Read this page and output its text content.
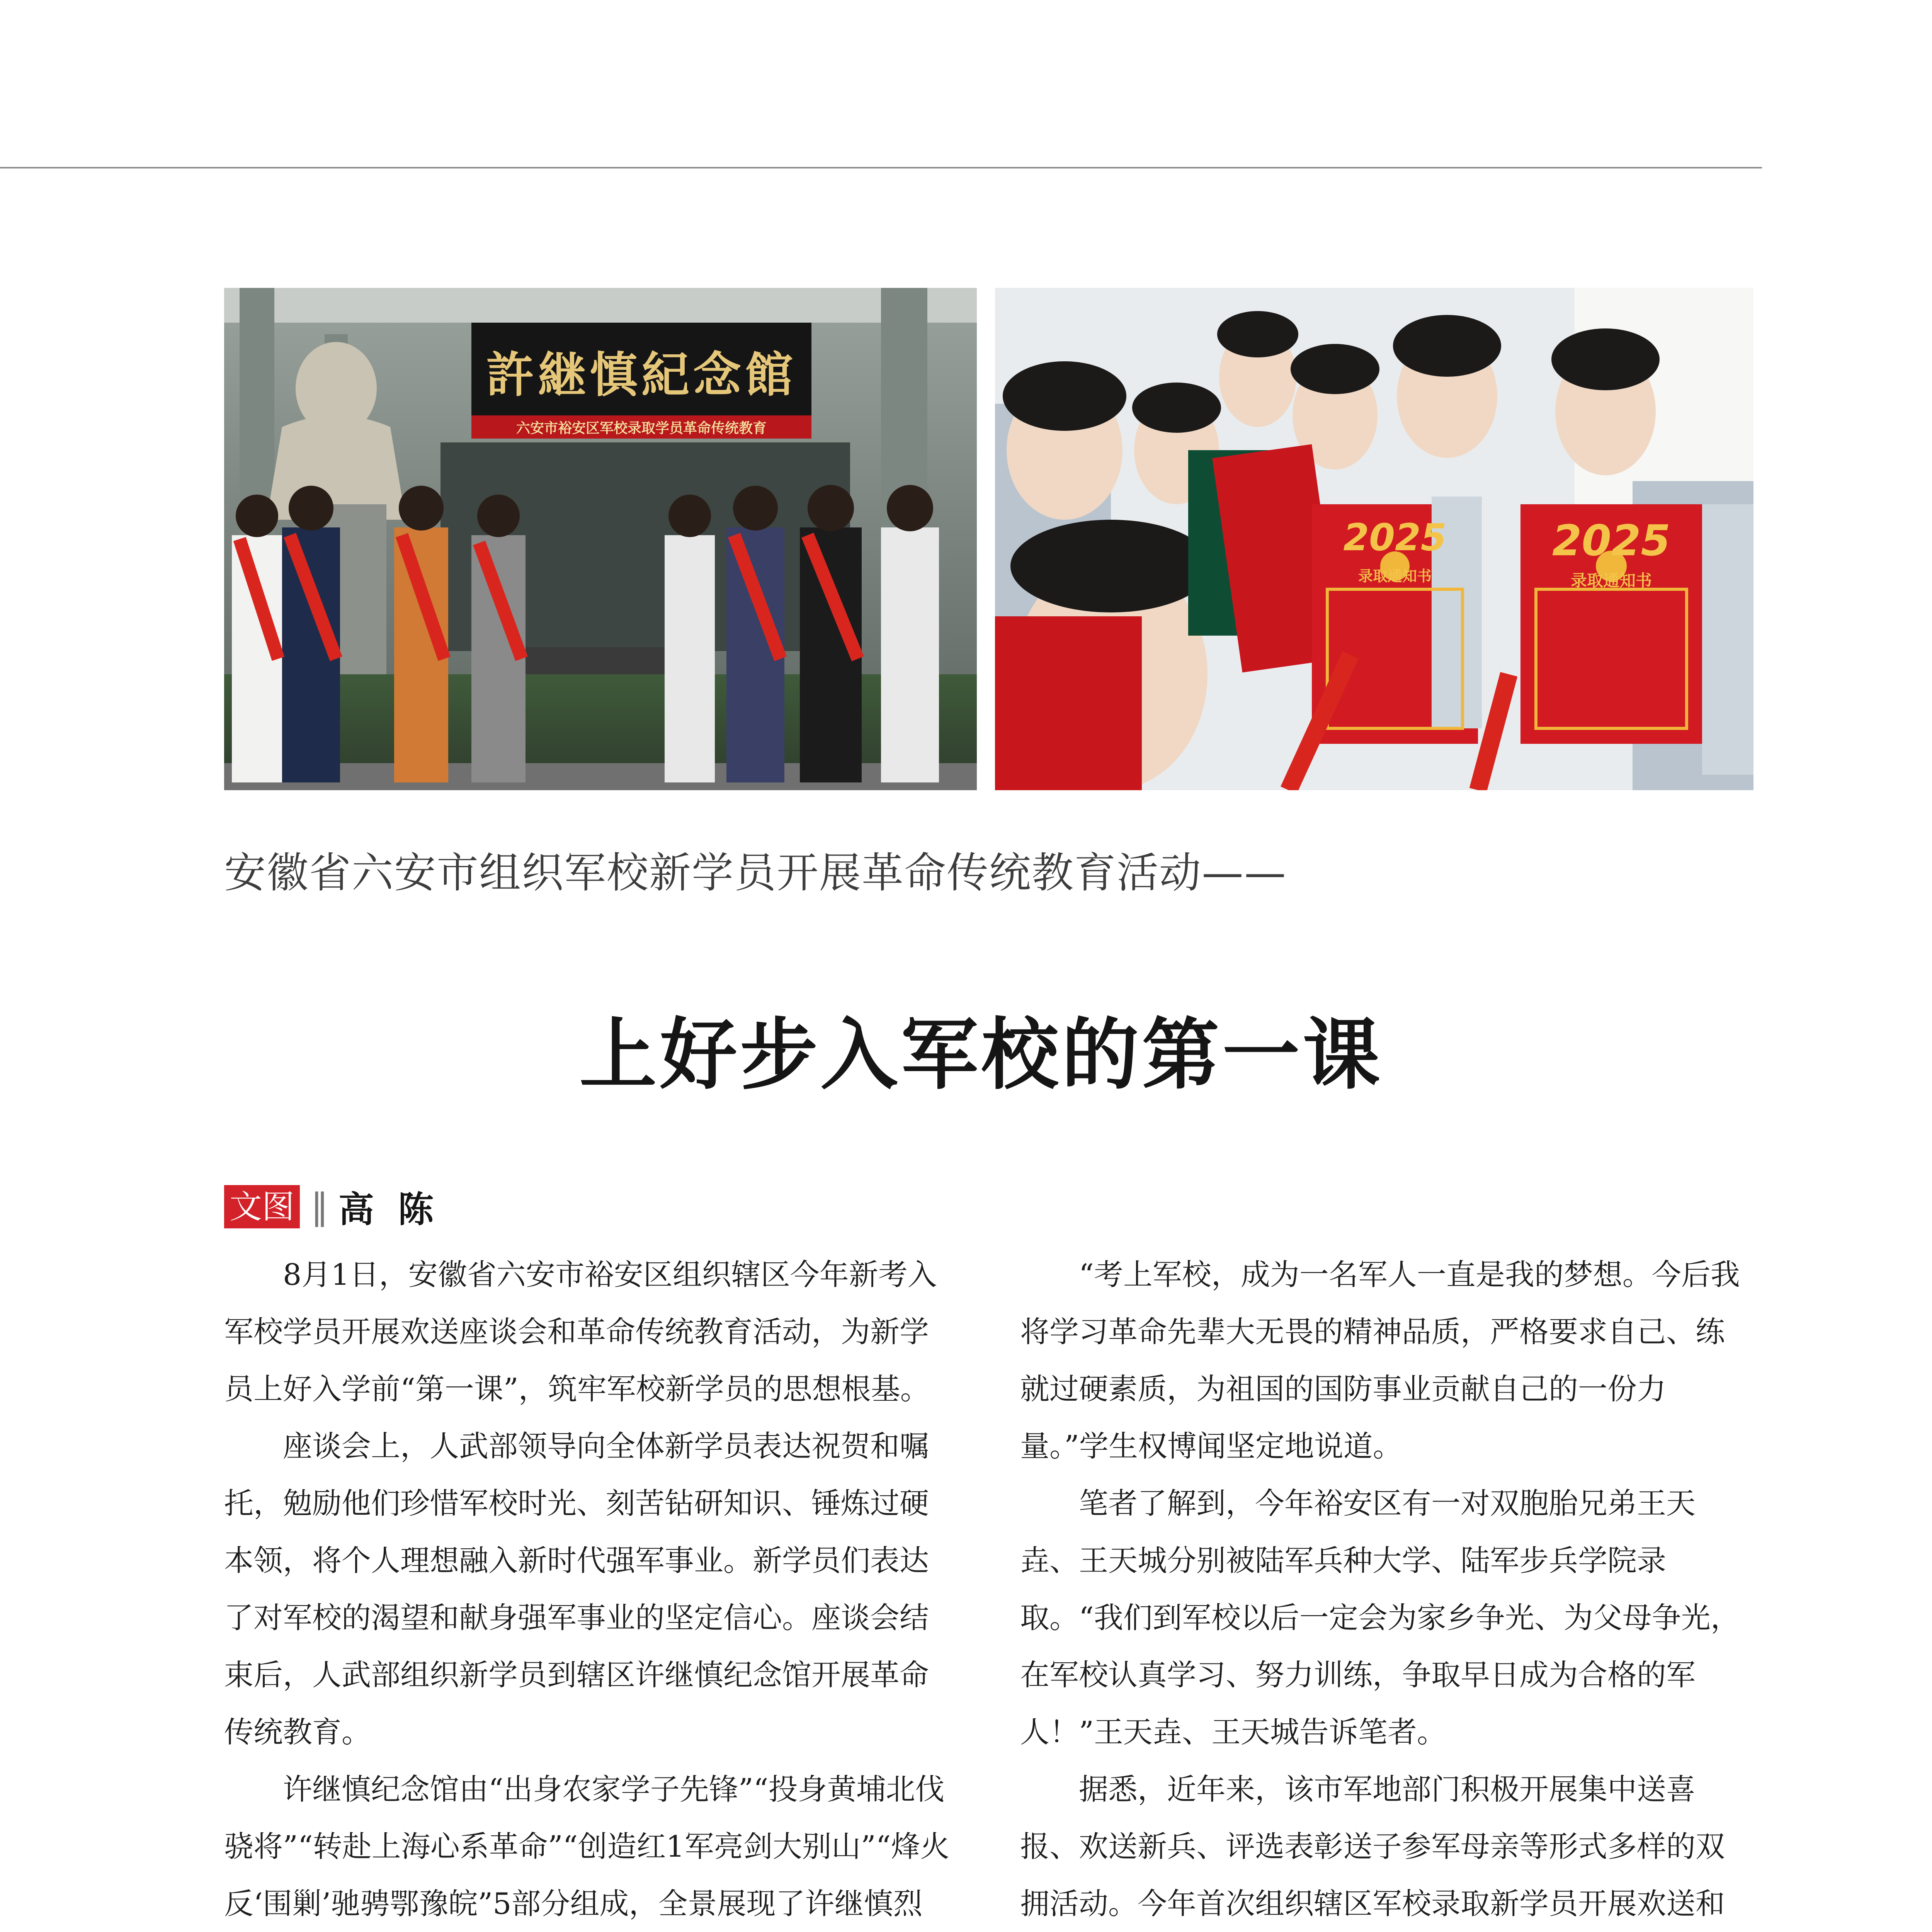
許継慎紀念館
六安市裕安区军校录取学员革命传统教育
2025
录取通知书
2025
录取通知书
安徽省六安市组织军校新学员开展革命传统教育活动——
上好步入军校的第一课
文图 ‖ 高陈

8月1日，安徽省六安市裕安区组织辖区今年新考入军校学员开展欢送座谈会和革命传统教育活动，为新学员上好入学前“第一课”，筑牢军校新学员的思想根基。

座谈会上，人武部领导向全体新学员表达祝贺和嘱托，勉励他们珍惜军校时光、刻苦钻研知识、锤炼过硬本领，将个人理想融入新时代强军事业。新学员们表达了对军校的渴望和献身强军事业的坚定信心。座谈会结束后，人武部组织新学员到辖区许继慎纪念馆开展革命传统教育。

许继慎纪念馆由“出身农家学子先锋”“投身黄埔北伐骁将”“转赴上海心系革命”“创造红1军亮剑大别山”“烽火反‘围剿’驰骋鄂豫皖”5部分组成，全景展现了许继慎烈

“考上军校，成为一名军人一直是我的梦想。今后我将学习革命先辈大无畏的精神品质，严格要求自己、练就过硬素质，为祖国的国防事业贡献自己的一份力量。”学生权博闻坚定地说道。

笔者了解到，今年裕安区有一对双胞胎兄弟王天垚、王天城分别被陆军兵种大学、陆军步兵学院录取。“我们到军校以后一定会为家乡争光、为父母争光，在军校认真学习、努力训练，争取早日成为合格的军人！”王天垚、王天城告诉笔者。

据悉，近年来，该市军地部门积极开展集中送喜报、欢送新兵、评选表彰送子参军母亲等形式多样的双拥活动。今年首次组织辖区军校录取新学员开展欢送和
